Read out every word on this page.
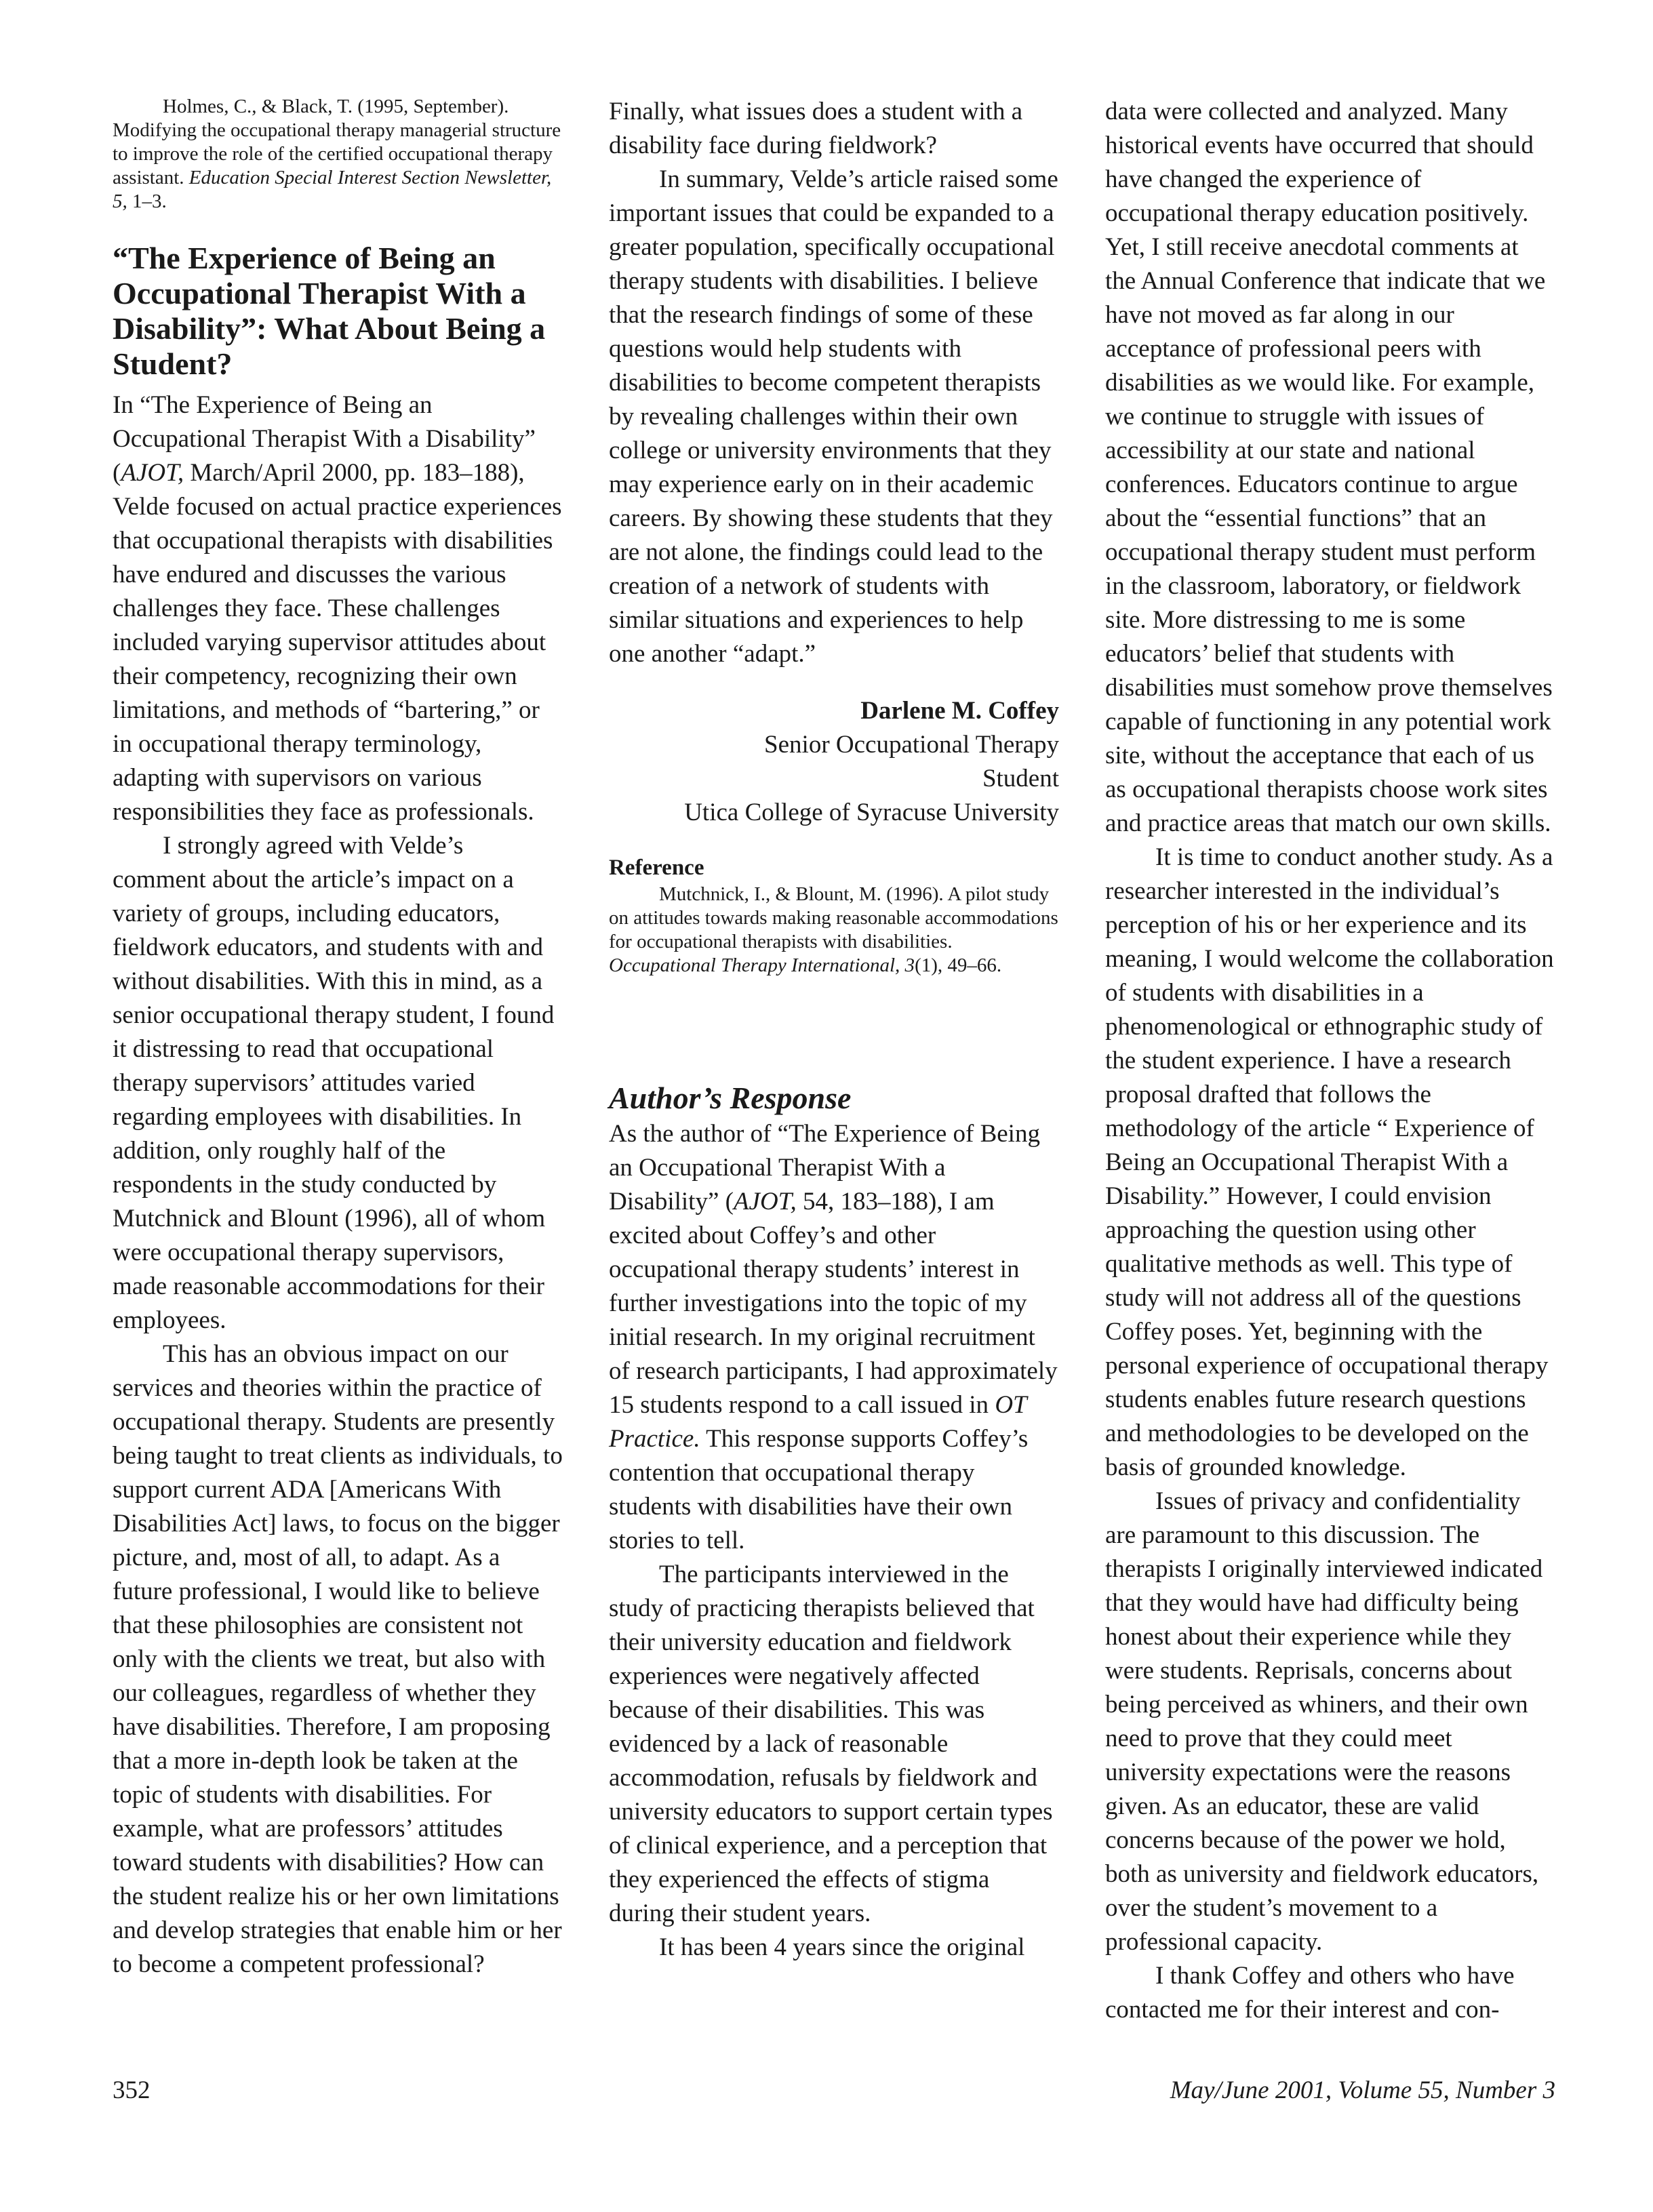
Holmes, C., & Black, T. (1995, September). Modifying the occupational therapy managerial structure to improve the role of the certified occupational therapy assistant. Education Special Interest Section Newsletter, 5, 1–3.

“The Experience of Being an Occupational Therapist With a Disability”: What About Being a Student?

In “The Experience of Being an Occupational Therapist With a Disability” (AJOT, March/April 2000, pp. 183–188), Velde focused on actual practice experiences that occupational therapists with disabilities have endured and discusses the various challenges they face. These challenges included varying supervisor attitudes about their competency, recognizing their own limitations, and methods of “bartering,” or in occupational therapy terminology, adapting with supervisors on various responsibilities they face as professionals.

I strongly agreed with Velde’s comment about the article’s impact on a variety of groups, including educators, fieldwork educators, and students with and without disabilities. With this in mind, as a senior occupational therapy student, I found it distressing to read that occupational therapy supervisors’ attitudes varied regarding employees with disabilities. In addition, only roughly half of the respondents in the study conducted by Mutchnick and Blount (1996), all of whom were occupational therapy supervisors, made reasonable accommodations for their employees.

This has an obvious impact on our services and theories within the practice of occupational therapy. Students are presently being taught to treat clients as individuals, to support current ADA [Americans With Disabilities Act] laws, to focus on the bigger picture, and, most of all, to adapt. As a future professional, I would like to believe that these philosophies are consistent not only with the clients we treat, but also with our colleagues, regardless of whether they have disabilities. Therefore, I am proposing that a more in-depth look be taken at the topic of students with disabilities. For example, what are professors’ attitudes toward students with disabilities? How can the student realize his or her own limitations and develop strategies that enable him or her to become a competent professional?

Finally, what issues does a student with a disability face during fieldwork?

In summary, Velde’s article raised some important issues that could be expanded to a greater population, specifically occupational therapy students with disabilities. I believe that the research findings of some of these questions would help students with disabilities to become competent therapists by revealing challenges within their own college or university environments that they may experience early on in their academic careers. By showing these students that they are not alone, the findings could lead to the creation of a network of students with similar situations and experiences to help one another “adapt.”

Darlene M. Coffey

Senior Occupational Therapy

Student

Utica College of Syracuse University

Reference

Mutchnick, I., & Blount, M. (1996). A pilot study on attitudes towards making reasonable accommodations for occupational therapists with disabilities. Occupational Therapy International, 3(1), 49–66.

Author’s Response

As the author of “The Experience of Being an Occupational Therapist With a Disability” (AJOT, 54, 183–188), I am excited about Coffey’s and other occupational therapy students’ interest in further investigations into the topic of my initial research. In my original recruitment of research participants, I had approximately 15 students respond to a call issued in OT Practice. This response supports Coffey’s contention that occupational therapy students with disabilities have their own stories to tell.

The participants interviewed in the study of practicing therapists believed that their university education and fieldwork experiences were negatively affected because of their disabilities. This was evidenced by a lack of reasonable accommodation, refusals by fieldwork and university educators to support certain types of clinical experience, and a perception that they experienced the effects of stigma during their student years.

It has been 4 years since the original

data were collected and analyzed. Many historical events have occurred that should have changed the experience of occupational therapy education positively. Yet, I still receive anecdotal comments at the Annual Conference that indicate that we have not moved as far along in our acceptance of professional peers with disabilities as we would like. For example, we continue to struggle with issues of accessibility at our state and national conferences. Educators continue to argue about the “essential functions” that an occupational therapy student must perform in the classroom, laboratory, or fieldwork site. More distressing to me is some educators’ belief that students with disabilities must somehow prove themselves capable of functioning in any potential work site, without the acceptance that each of us as occupational therapists choose work sites and practice areas that match our own skills.

It is time to conduct another study. As a researcher interested in the individual’s perception of his or her experience and its meaning, I would welcome the collaboration of students with disabilities in a phenomenological or ethnographic study of the student experience. I have a research proposal drafted that follows the methodology of the article “ Experience of Being an Occupational Therapist With a Disability.” However, I could envision approaching the question using other qualitative methods as well. This type of study will not address all of the questions Coffey poses. Yet, beginning with the personal experience of occupational therapy students enables future research questions and methodologies to be developed on the basis of grounded knowledge.

Issues of privacy and confidentiality are paramount to this discussion. The therapists I originally interviewed indicated that they would have had difficulty being honest about their experience while they were students. Reprisals, concerns about being perceived as whiners, and their own need to prove that they could meet university expectations were the reasons given. As an educator, these are valid concerns because of the power we hold, both as university and fieldwork educators, over the student’s movement to a professional capacity.

I thank Coffey and others who have contacted me for their interest and con-

352	May/June 2001, Volume 55, Number 3
